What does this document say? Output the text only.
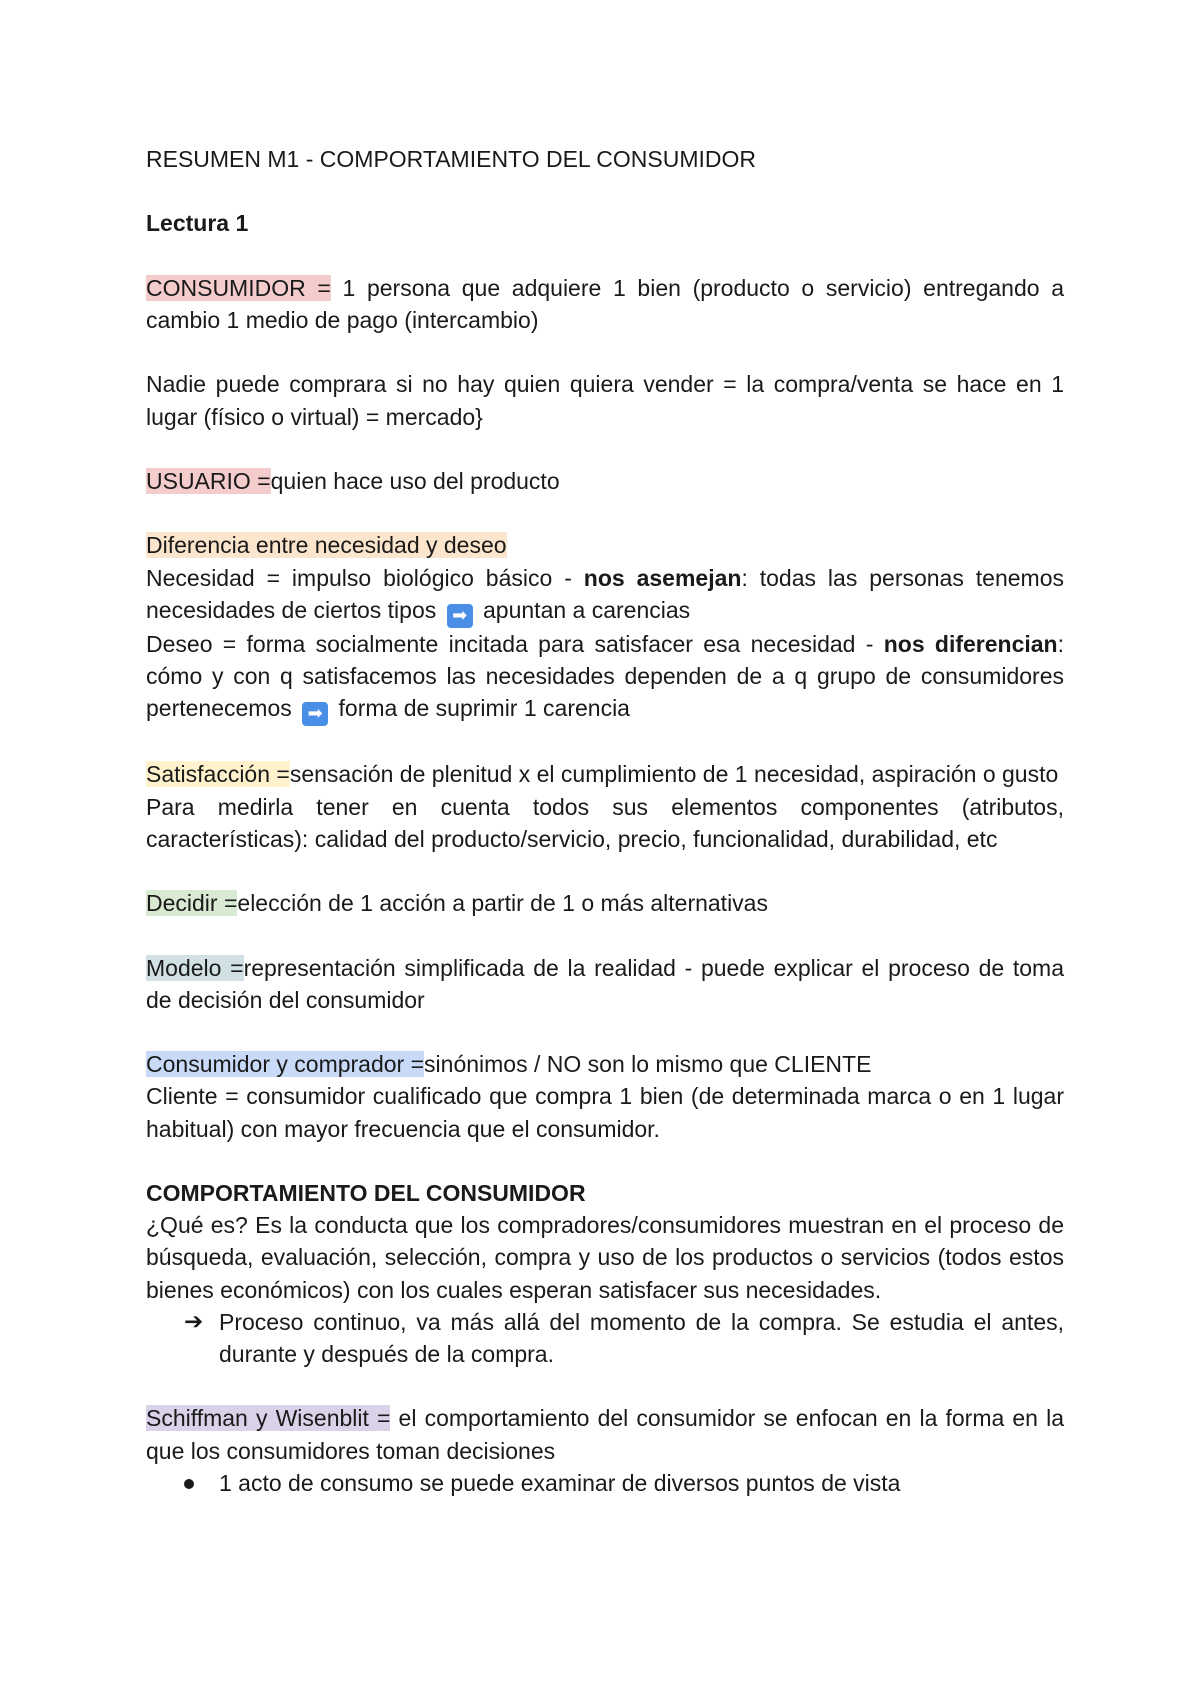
RESUMEN M1 - COMPORTAMIENTO DEL CONSUMIDOR

Lectura 1

CONSUMIDOR = 1 persona que adquiere 1 bien (producto o servicio) entregando a cambio 1 medio de pago (intercambio)

Nadie puede comprara si no hay quien quiera vender = la compra/venta se hace en 1 lugar (físico o virtual) = mercado}

USUARIO =quien hace uso del producto

Diferencia entre necesidad y deseo

Necesidad = impulso biológico básico - nos asemejan: todas las personas tenemos necesidades de ciertos tipos ➡ apuntan a carencias

Deseo = forma socialmente incitada para satisfacer esa necesidad - nos diferencian: cómo y con q satisfacemos las necesidades dependen de a q grupo de consumidores pertenecemos ➡ forma de suprimir 1 carencia

Satisfacción =sensación de plenitud x el cumplimiento de 1 necesidad, aspiración o gusto

Para medirla tener en cuenta todos sus elementos componentes (atributos, características): calidad del producto/servicio, precio, funcionalidad, durabilidad, etc

Decidir =elección de 1 acción a partir de 1 o más alternativas

Modelo =representación simplificada de la realidad - puede explicar el proceso de toma de decisión del consumidor

Consumidor y comprador =sinónimos / NO son lo mismo que CLIENTE

Cliente = consumidor cualificado que compra 1 bien (de determinada marca o en 1 lugar habitual) con mayor frecuencia que el consumidor.

COMPORTAMIENTO DEL CONSUMIDOR

¿Qué es? Es la conducta que los compradores/consumidores muestran en el proceso de búsqueda, evaluación, selección, compra y uso de los productos o servicios (todos estos bienes económicos) con los cuales esperan satisfacer sus necesidades.

➔ Proceso continuo, va más allá del momento de la compra. Se estudia el antes, durante y después de la compra.

Schiffman y Wisenblit = el comportamiento del consumidor se enfocan en la forma en la que los consumidores toman decisiones

1 acto de consumo se puede examinar de diversos puntos de vista
